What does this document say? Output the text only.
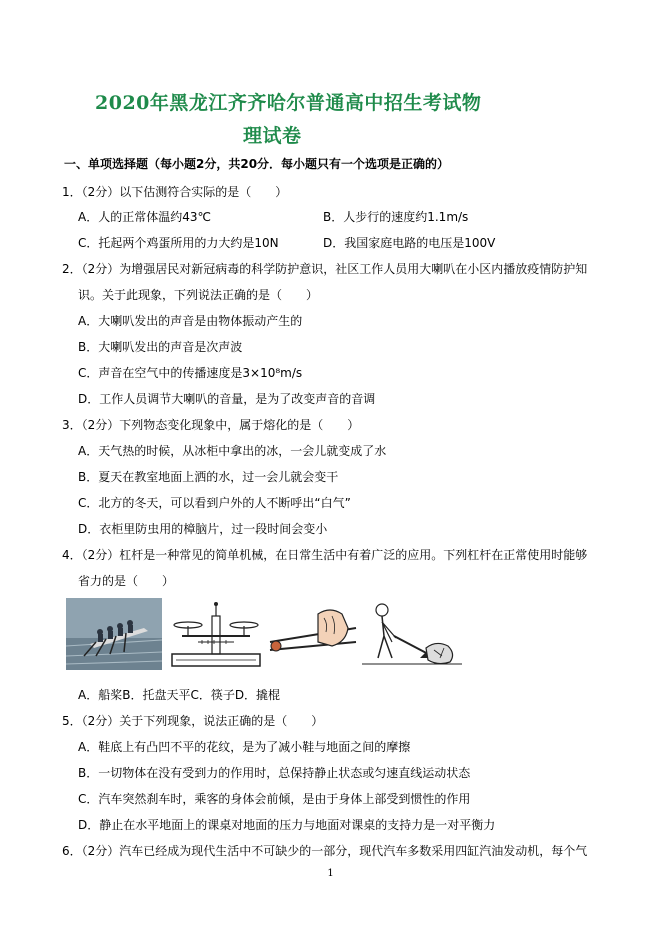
2020年黑龙江齐齐哈尔普通高中招生考试物
理试卷
一、单项选择题（每小题2分，共20分．每小题只有一个选项是正确的）
1．（2分）以下估测符合实际的是（　　）
A．人的正常体温约43℃	B．人步行的速度约1.1m/s
C．托起两个鸡蛋所用的力大约是10N	D．我国家庭电路的电压是100V
2．（2分）为增强居民对新冠病毒的科学防护意识，社区工作人员用大喇叭在小区内播放疫情防护知
识。关于此现象，下列说法正确的是（　　）
A．大喇叭发出的声音是由物体振动产生的
B．大喇叭发出的声音是次声波
C．声音在空气中的传播速度是3×10⁸m/s
D．工作人员调节大喇叭的音量，是为了改变声音的音调
3．（2分）下列物态变化现象中，属于熔化的是（　　）
A．天气热的时候，从冰柜中拿出的冰，一会儿就变成了水
B．夏天在教室地面上洒的水，过一会儿就会变干
C．北方的冬天，可以看到户外的人不断呼出“白气”
D．衣柜里防虫用的樟脑片，过一段时间会变小
4．（2分）杠杆是一种常见的简单机械，在日常生活中有着广泛的应用。下列杠杆在正常使用时能够
省力的是（　　）
A．船桨B．托盘天平C．筷子D．撬棍
5．（2分）关于下列现象，说法正确的是（　　）
A．鞋底上有凸凹不平的花纹，是为了减小鞋与地面之间的摩擦
B．一切物体在没有受到力的作用时，总保持静止状态或匀速直线运动状态
C．汽车突然刹车时，乘客的身体会前倾，是由于身体上部受到惯性的作用
D．静止在水平地面上的课桌对地面的压力与地面对课桌的支持力是一对平衡力
6．（2分）汽车已经成为现代生活中不可缺少的一部分，现代汽车多数采用四缸汽油发动机，每个气
1
